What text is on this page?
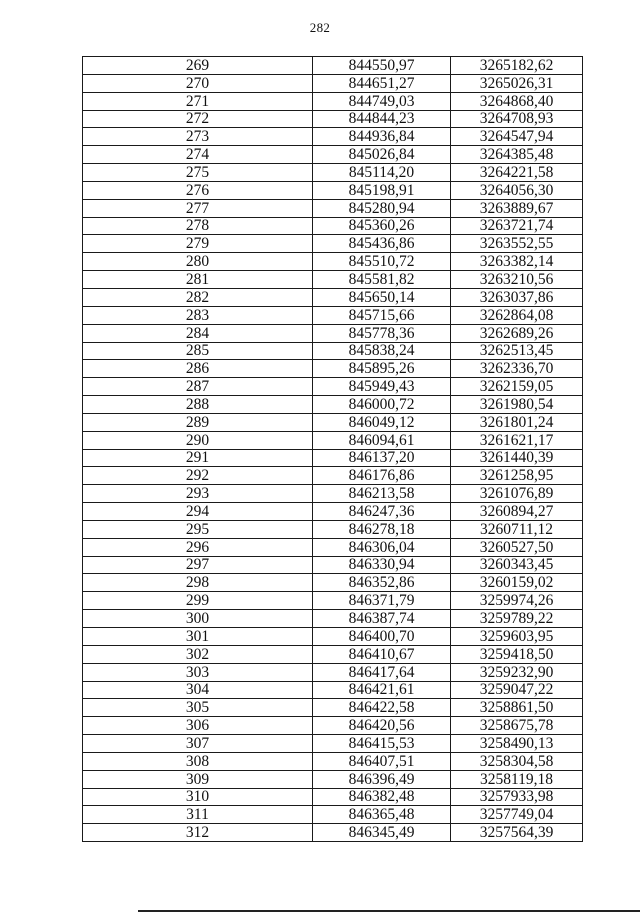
282
269	844550,97	3265182,62
270	844651,27	3265026,31
271	844749,03	3264868,40
272	844844,23	3264708,93
273	844936,84	3264547,94
274	845026,84	3264385,48
275	845114,20	3264221,58
276	845198,91	3264056,30
277	845280,94	3263889,67
278	845360,26	3263721,74
279	845436,86	3263552,55
280	845510,72	3263382,14
281	845581,82	3263210,56
282	845650,14	3263037,86
283	845715,66	3262864,08
284	845778,36	3262689,26
285	845838,24	3262513,45
286	845895,26	3262336,70
287	845949,43	3262159,05
288	846000,72	3261980,54
289	846049,12	3261801,24
290	846094,61	3261621,17
291	846137,20	3261440,39
292	846176,86	3261258,95
293	846213,58	3261076,89
294	846247,36	3260894,27
295	846278,18	3260711,12
296	846306,04	3260527,50
297	846330,94	3260343,45
298	846352,86	3260159,02
299	846371,79	3259974,26
300	846387,74	3259789,22
301	846400,70	3259603,95
302	846410,67	3259418,50
303	846417,64	3259232,90
304	846421,61	3259047,22
305	846422,58	3258861,50
306	846420,56	3258675,78
307	846415,53	3258490,13
308	846407,51	3258304,58
309	846396,49	3258119,18
310	846382,48	3257933,98
311	846365,48	3257749,04
312	846345,49	3257564,39
